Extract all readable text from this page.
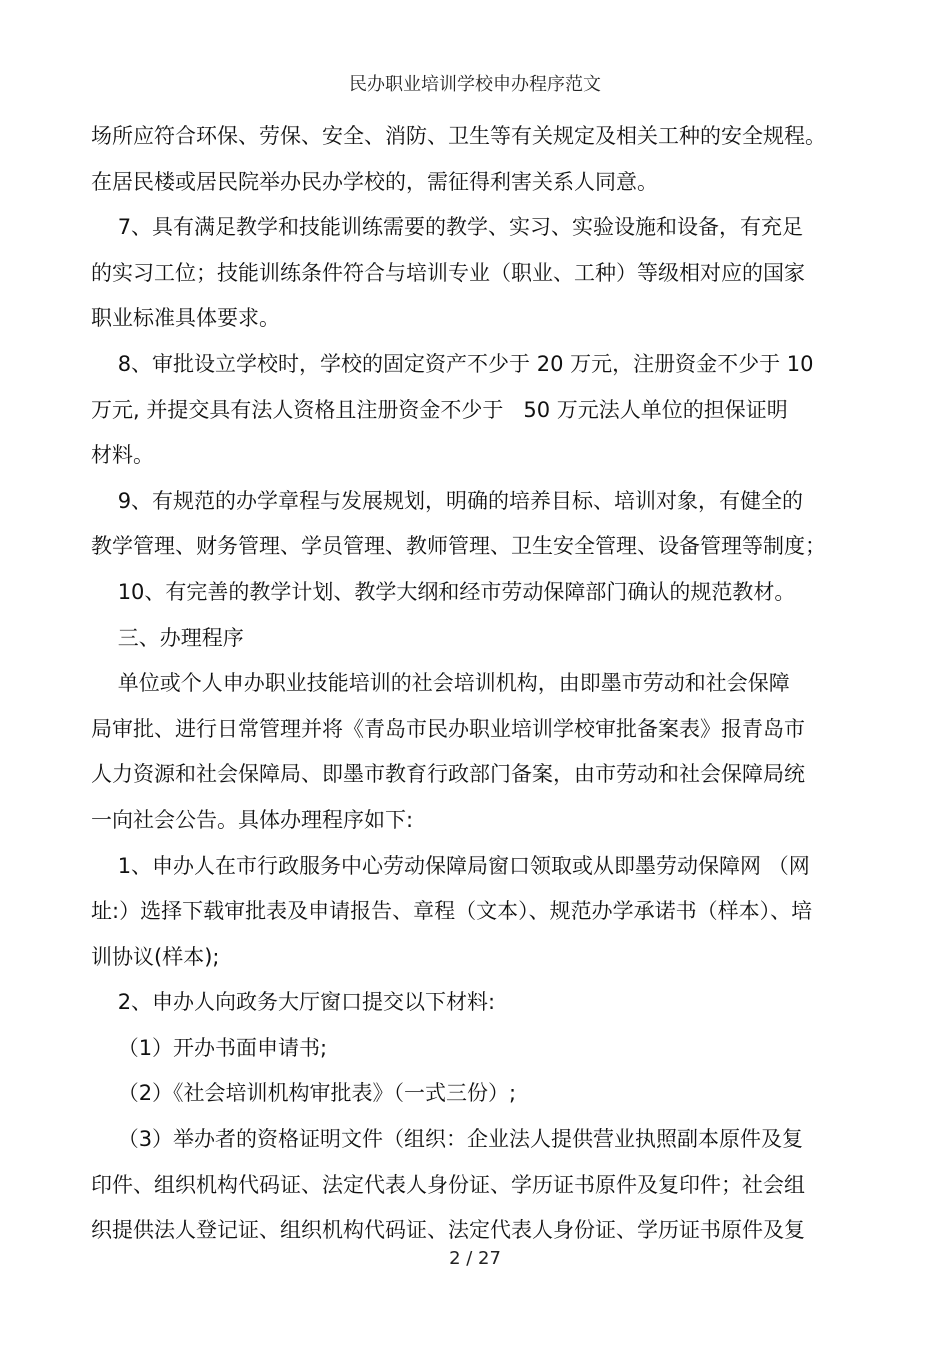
民办职业培训学校申办程序范文
场所应符合环保、劳保、安全、消防、卫生等有关规定及相关工种的安全规程。
在居民楼或居民院举办民办学校的，需征得利害关系人同意。
7、具有满足教学和技能训练需要的教学、实习、实验设施和设备，有充足
的实习工位；技能训练条件符合与培训专业（职业、工种）等级相对应的国家
职业标准具体要求。
8、审批设立学校时，学校的固定资产不少于 20 万元，注册资金不少于 10
万元, 并提交具有法人资格且注册资金不少于   50 万元法人单位的担保证明
材料。
9、有规范的办学章程与发展规划，明确的培养目标、培训对象，有健全的
教学管理、财务管理、学员管理、教师管理、卫生安全管理、设备管理等制度；
10、有完善的教学计划、教学大纲和经市劳动保障部门确认的规范教材。
三、办理程序
单位或个人申办职业技能培训的社会培训机构，由即墨市劳动和社会保障
局审批、进行日常管理并将《青岛市民办职业培训学校审批备案表》报青岛市
人力资源和社会保障局、即墨市教育行政部门备案，由市劳动和社会保障局统
一向社会公告。具体办理程序如下:
1、申办人在市行政服务中心劳动保障局窗口领取或从即墨劳动保障网 （网
址:）选择下载审批表及申请报告、章程（文本）、规范办学承诺书（样本）、培
训协议(样本);
2、申办人向政务大厅窗口提交以下材料:
（1）开办书面申请书;
（2）《社会培训机构审批表》（一式三份）;
（3）举办者的资格证明文件（组织：企业法人提供营业执照副本原件及复
印件、组织机构代码证、法定代表人身份证、学历证书原件及复印件；社会组
织提供法人登记证、组织机构代码证、法定代表人身份证、学历证书原件及复
2 / 27
